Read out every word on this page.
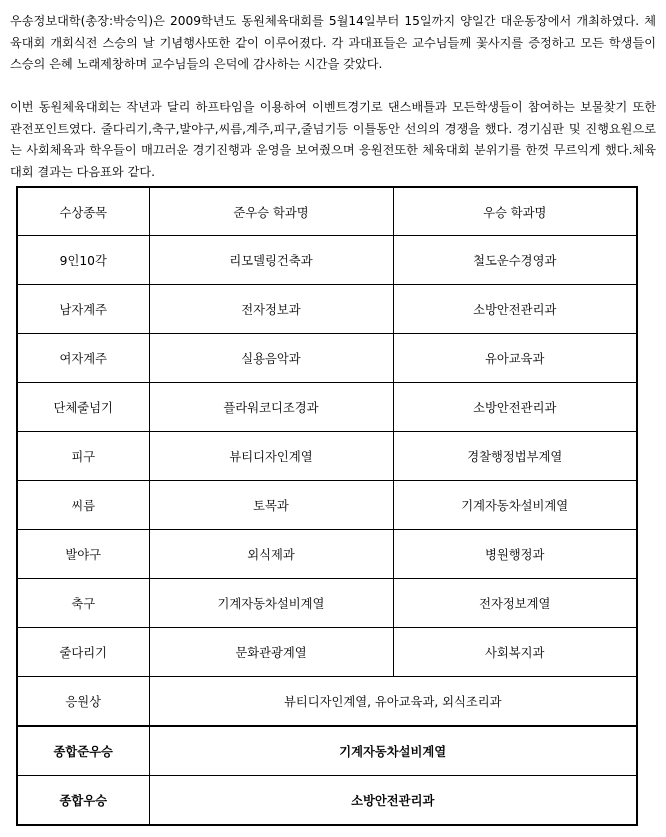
우송정보대학(총장:박승익)은 2009학년도 동원체육대회를 5월14일부터 15일까지 양일간 대운동장에서 개최하였다. 체육대회 개회식전 스승의 날 기념행사또한 같이 이루어졌다. 각 과대표들은 교수님들께 꽃사지를 증정하고 모든 학생들이 스승의 은혜 노래제창하며 교수님들의 은덕에 감사하는 시간을 갖았다.

이번 동원체육대회는 작년과 달리 하프타임을 이용하여 이벤트경기로 댄스배틀과 모든학생들이 참여하는 보물찾기 또한 관전포인트였다. 줄다리기,축구,발야구,씨름,계주,피구,줄넘기등 이틀동안 선의의 경쟁을 했다. 경기심판 및 진행요원으로는 사회체육과 학우들이 매끄러운 경기진행과 운영을 보여줬으며 응원전또한 체육대회 분위기를 한껏 무르익게 했다.체육대회 결과는 다음표와 같다.

수상종목	준우승 학과명	우승 학과명
9인10각	리모델링건축과	철도운수경영과
남자계주	전자정보과	소방안전관리과
여자계주	실용음악과	유아교육과
단체줄넘기	플라워코디조경과	소방안전관리과
피구	뷰티디자인계열	경찰행정법부계열
씨름	토목과	기계자동차설비계열
발야구	외식제과	병원행정과
축구	기계자동차설비계열	전자정보계열
줄다리기	문화관광계열	사회복지과
응원상	뷰티디자인계열, 유아교육과, 외식조리과	
종합준우승	기계자동차설비계열	
종합우승	소방안전관리과	
